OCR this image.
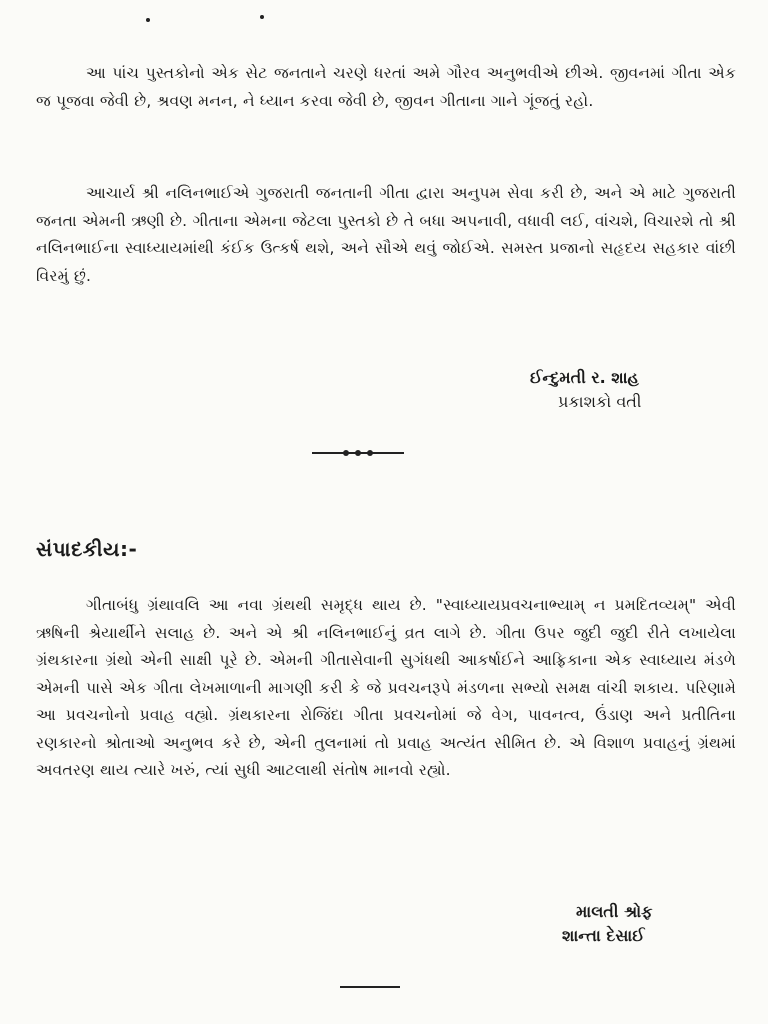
આ પાંચ પુસ્તકોનો એક સેટ જનતાને ચરણે ધરતાં અમે ગૌરવ અનુભવીએ છીએ. જીવનમાં ગીતા એક જ પૂજવા જેવી છે, શ્રવણ મનન, ને ધ્યાન કરવા જેવી છે, જીવન ગીતાના ગાને ગૂંજતું રહો.

આચાર્ય શ્રી નલિનભાઈએ ગુજરાતી જનતાની ગીતા દ્વારા અનુપમ સેવા કરી છે, અને એ માટે ગુજરાતી જનતા એમની ઋણી છે. ગીતાના એમના જેટલા પુસ્તકો છે તે બધા અપનાવી, વધાવી લઈ, વાંચશે, વિચારશે તો શ્રી નલિનભાઈના સ્વાધ્યાયમાંથી કંઈક ઉત્કર્ષ થશે, અને સૌએ થવું જોઈએ. સમસ્ત પ્રજાનો સહૃદય સહકાર વાંછી વિરમું છું.

ઈન્દુમતી ર. શાહ
પ્રકાશકો વતી
સંપાદકીય:-

ગીતાબંધુ ગ્રંથાવલિ આ નવા ગ્રંથથી સમૃદ્ધ થાય છે. "સ્વાધ્યાયપ્રવચનાભ્યામ્ ન પ્રમદિતવ્યમ્" એવી ઋષિની શ્રેયાર્થીને સલાહ છે. અને એ શ્રી નલિનભાઈનું વ્રત લાગે છે. ગીતા ઉપર જુદી જુદી રીતે લખાયેલા ગ્રંથકારના ગ્રંથો એની સાક્ષી પૂરે છે. એમની ગીતાસેવાની સુગંધથી આકર્ષાઈને આફ્રિકાના એક સ્વાધ્યાય મંડળે એમની પાસે એક ગીતા લેખમાળાની માગણી કરી કે જે પ્રવચનરૂપે મંડળના સભ્યો સમક્ષ વાંચી શકાય. પરિણામે આ પ્રવચનોનો પ્રવાહ વહ્યો. ગ્રંથકારના રોજિંદા ગીતા પ્રવચનોમાં જે વેગ, પાવનત્વ, ઉંડાણ અને પ્રતીતિના રણકારનો શ્રોતાઓ અનુભવ કરે છે, એની તુલનામાં તો પ્રવાહ અત્યંત સીમિત છે. એ વિશાળ પ્રવાહનું ગ્રંથમાં અવતરણ થાય ત્યારે ખરું, ત્યાં સુધી આટલાથી સંતોષ માનવો રહ્યો.

માલતી શ્રોફ
શાન્તા દેસાઈ
